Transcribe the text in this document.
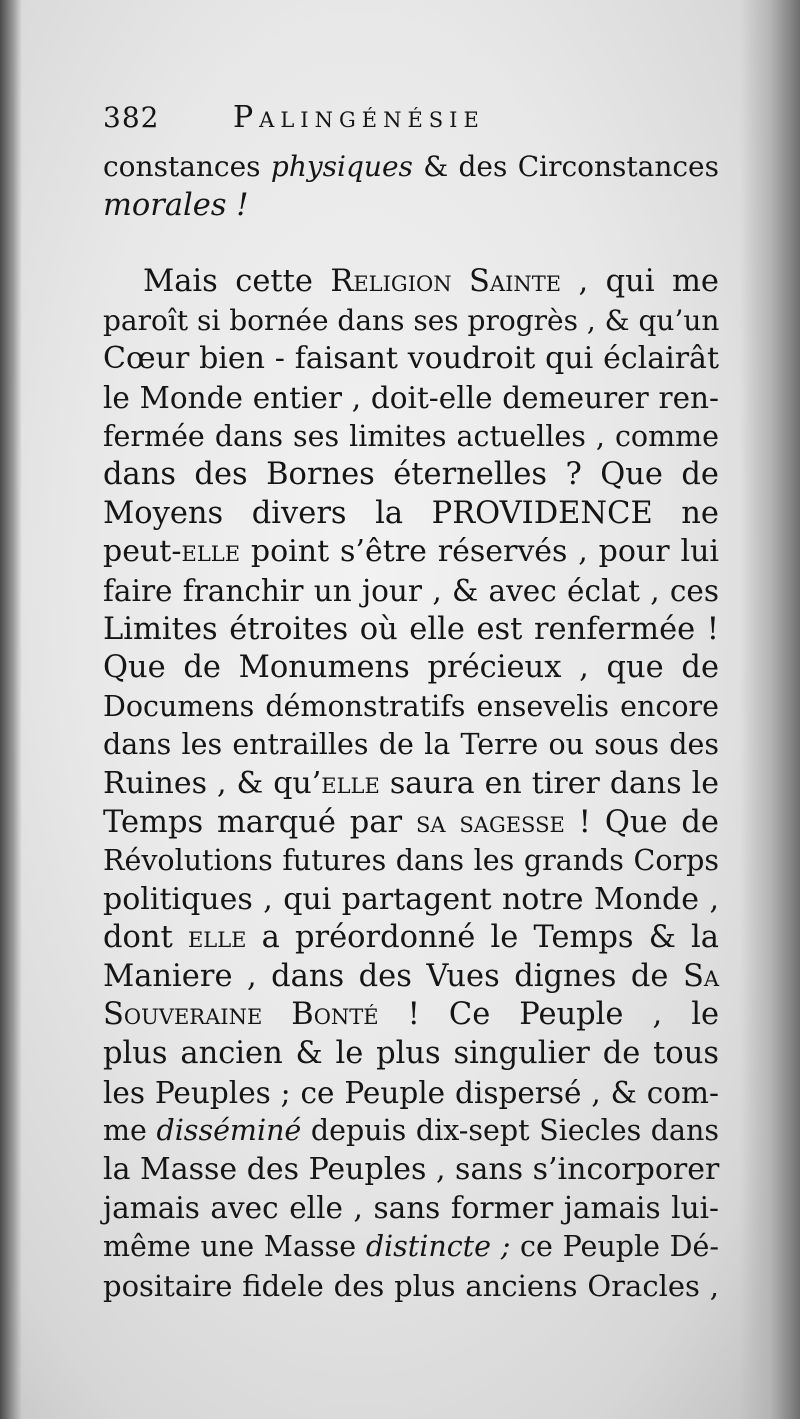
382	Palingénésie
constances physiques & des Circonstances
morales !
Mais cette Religion Sainte , qui me
paroît si bornée dans ses progrès , & qu’un
Cœur bien - faisant voudroit qui éclairât
le Monde entier , doit-elle demeurer ren-
fermée dans ses limites actuelles , comme
dans des Bornes éternelles ? Que de
Moyens divers la PROVIDENCE ne
peut-elle point s’être réservés , pour lui
faire franchir un jour , & avec éclat , ces
Limites étroites où elle est renfermée !
Que de Monumens précieux , que de
Documens démonstratifs ensevelis encore
dans les entrailles de la Terre ou sous des
Ruines , & qu’elle saura en tirer dans le
Temps marqué par sa sagesse ! Que de
Révolutions futures dans les grands Corps
politiques , qui partagent notre Monde ,
dont elle a préordonné le Temps & la
Maniere , dans des Vues dignes de Sa
Souveraine Bonté ! Ce Peuple , le
plus ancien & le plus singulier de tous
les Peuples ; ce Peuple dispersé , & com-
me disséminé depuis dix-sept Siecles dans
la Masse des Peuples , sans s’incorporer
jamais avec elle , sans former jamais lui-
même une Masse distincte ; ce Peuple Dé-
positaire fidele des plus anciens Oracles ,
